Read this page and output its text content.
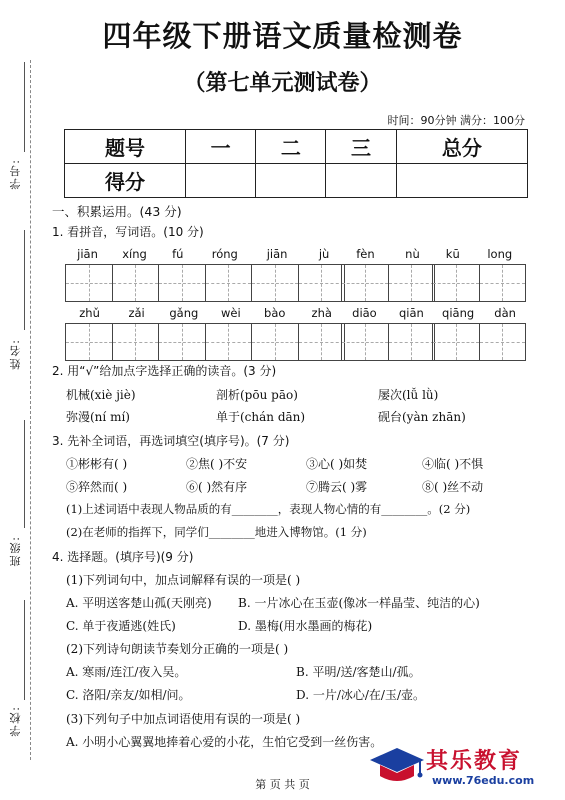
四年级下册语文质量检测卷
（第七单元测试卷）
时间：90分钟 满分：100分
学号:
姓名:
班级:
学校:
题号	一	二	三	总分
得分				
一、积累运用。(43 分)
1. 看拼音，写词语。(10 分)
jiān xíng fú róng	jiān	jù fèn	nù kū long
zhǔ zǎi gǎng wèi bào zhà diāo qiān qiāng dàn
2. 用“√”给加点字选择正确的读音。(3 分)
机械(xiè jiè)	剖析(pōu pāo)	屡次(lǚ lǜ)
弥漫(ní mí)	单于(chán dān)	砚台(yàn zhān)
3. 先补全词语，再选词填空(填序号)。(7 分)
①彬彬有( )	②焦( )不安	③心( )如焚	④临( )不惧
⑤猝然而( )	⑥( )然有序	⑦腾云( )雾	⑧( )丝不动
(1)上述词语中表现人物品质的有________，表现人物心情的有________。(2 分)
(2)在老师的指挥下，同学们________地进入博物馆。(1 分)
4. 选择题。(填序号)(9 分)
(1)下列词句中，加点词解释有误的一项是( )
A. 平明送客楚山孤(天刚亮) B. 一片冰心在玉壶(像冰一样晶莹、纯洁的心)
C. 单于夜遁逃(姓氏)	D. 墨梅(用水墨画的梅花)
(2)下列诗句朗读节奏划分正确的一项是( )
A. 寒雨/连江/夜入吴。	B. 平明/送/客楚山/孤。
C. 洛阳/亲友/如相/问。	D. 一片/冰心/在/玉/壶。
(3)下列句子中加点词语使用有误的一项是( )
A. 小明小心翼翼地捧着心爱的小花，生怕它受到一丝伤害。
第 页 共 页
其乐教育
www.76edu.com
